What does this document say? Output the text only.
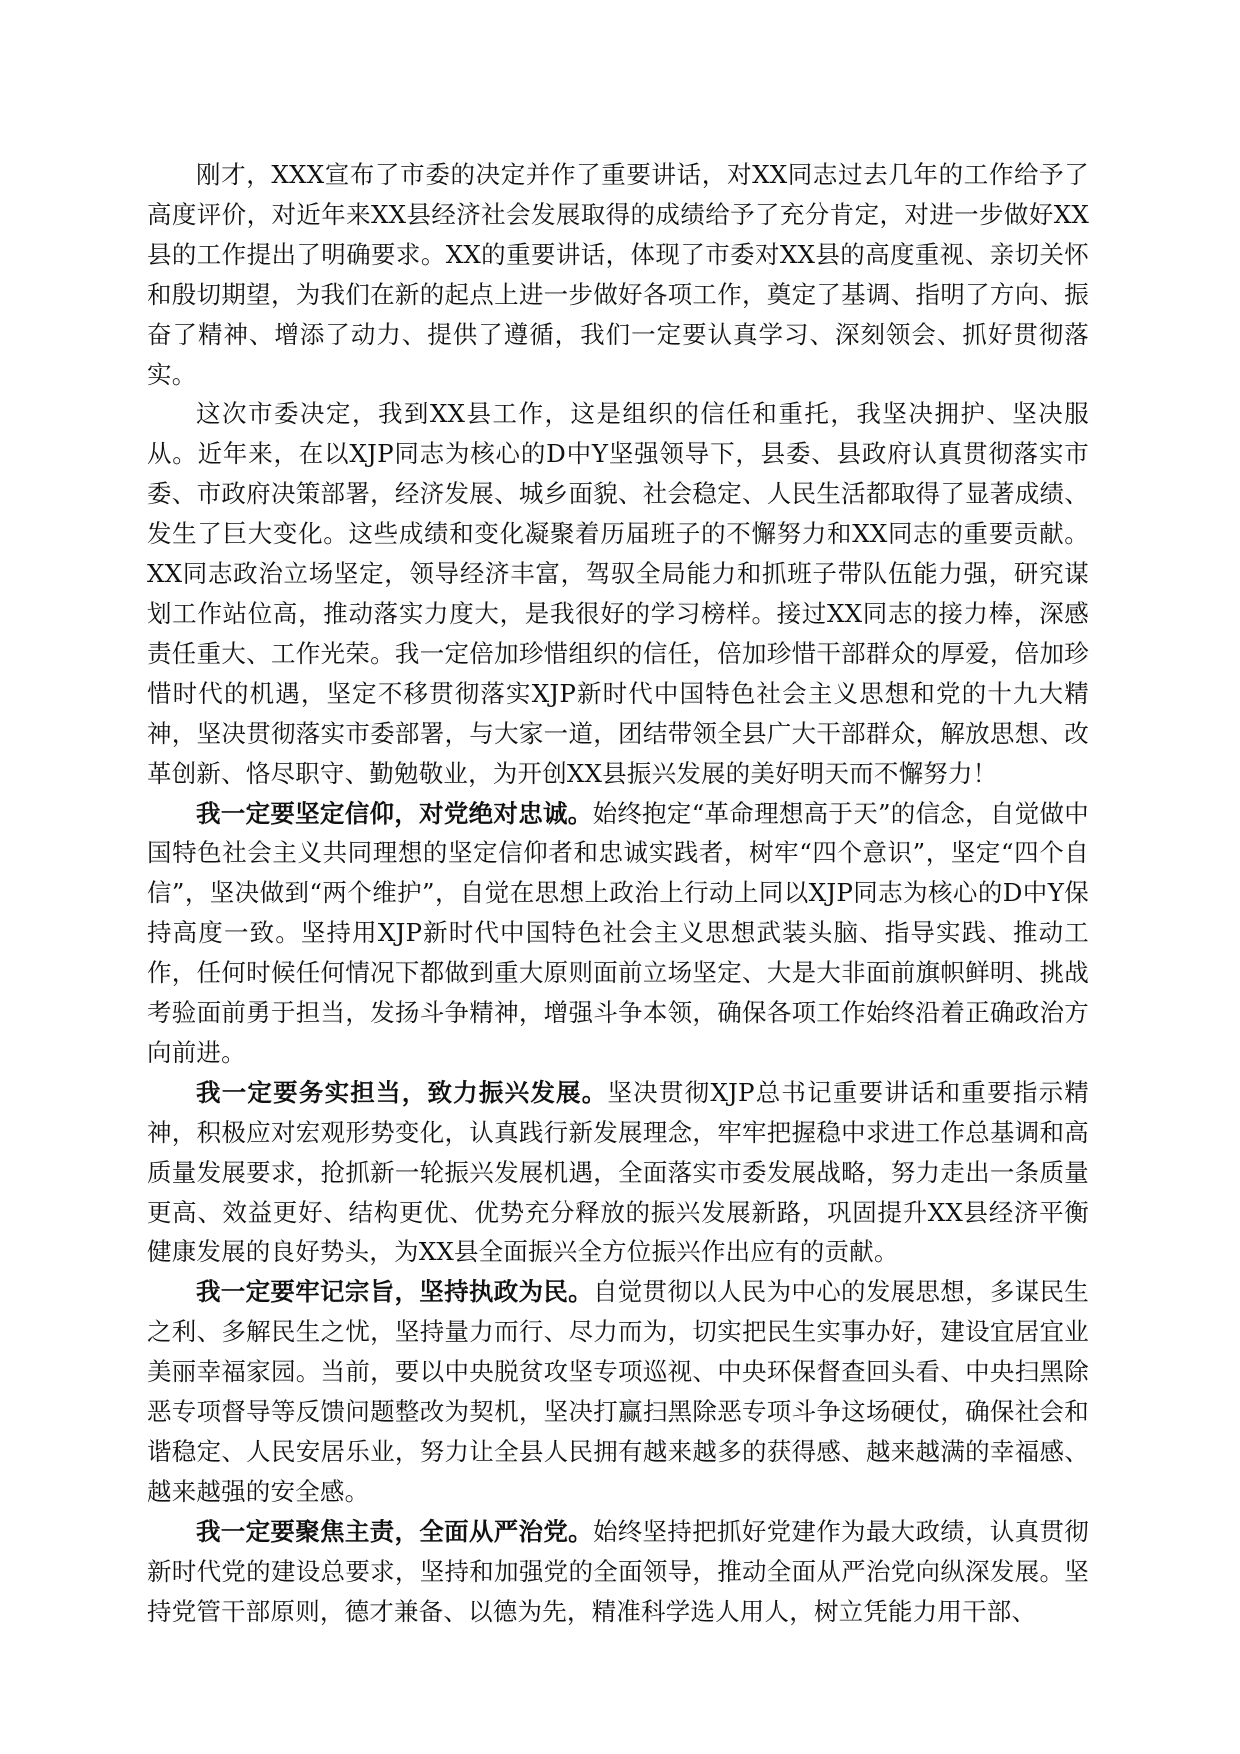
刚才，XXX宣布了市委的决定并作了重要讲话，对XX同志过去几年的工作给予了高度评价，对近年来XX县经济社会发展取得的成绩给予了充分肯定，对进一步做好XX县的工作提出了明确要求。XX的重要讲话，体现了市委对XX县的高度重视、亲切关怀和殷切期望，为我们在新的起点上进一步做好各项工作，奠定了基调、指明了方向、振奋了精神、增添了动力、提供了遵循，我们一定要认真学习、深刻领会、抓好贯彻落实。

这次市委决定，我到XX县工作，这是组织的信任和重托，我坚决拥护、坚决服从。近年来，在以XJP同志为核心的D中Y坚强领导下，县委、县政府认真贯彻落实市委、市政府决策部署，经济发展、城乡面貌、社会稳定、人民生活都取得了显著成绩、发生了巨大变化。这些成绩和变化凝聚着历届班子的不懈努力和XX同志的重要贡献。XX同志政治立场坚定，领导经济丰富，驾驭全局能力和抓班子带队伍能力强，研究谋划工作站位高，推动落实力度大，是我很好的学习榜样。接过XX同志的接力棒，深感责任重大、工作光荣。我一定倍加珍惜组织的信任，倍加珍惜干部群众的厚爱，倍加珍惜时代的机遇，坚定不移贯彻落实XJP新时代中国特色社会主义思想和党的十九大精神，坚决贯彻落实市委部署，与大家一道，团结带领全县广大干部群众，解放思想、改革创新、恪尽职守、勤勉敬业，为开创XX县振兴发展的美好明天而不懈努力！

我一定要坚定信仰，对党绝对忠诚。始终抱定“革命理想高于天”的信念，自觉做中国特色社会主义共同理想的坚定信仰者和忠诚实践者，树牢“四个意识”，坚定“四个自信”，坚决做到“两个维护”，自觉在思想上政治上行动上同以XJP同志为核心的D中Y保持高度一致。坚持用XJP新时代中国特色社会主义思想武装头脑、指导实践、推动工作，任何时候任何情况下都做到重大原则面前立场坚定、大是大非面前旗帜鲜明、挑战考验面前勇于担当，发扬斗争精神，增强斗争本领，确保各项工作始终沿着正确政治方向前进。

我一定要务实担当，致力振兴发展。坚决贯彻XJP总书记重要讲话和重要指示精神，积极应对宏观形势变化，认真践行新发展理念，牢牢把握稳中求进工作总基调和高质量发展要求，抢抓新一轮振兴发展机遇，全面落实市委发展战略，努力走出一条质量更高、效益更好、结构更优、优势充分释放的振兴发展新路，巩固提升XX县经济平衡健康发展的良好势头，为XX县全面振兴全方位振兴作出应有的贡献。

我一定要牢记宗旨，坚持执政为民。自觉贯彻以人民为中心的发展思想，多谋民生之利、多解民生之忧，坚持量力而行、尽力而为，切实把民生实事办好，建设宜居宜业美丽幸福家园。当前，要以中央脱贫攻坚专项巡视、中央环保督查回头看、中央扫黑除恶专项督导等反馈问题整改为契机，坚决打赢扫黑除恶专项斗争这场硬仗，确保社会和谐稳定、人民安居乐业，努力让全县人民拥有越来越多的获得感、越来越满的幸福感、越来越强的安全感。

我一定要聚焦主责，全面从严治党。始终坚持把抓好党建作为最大政绩，认真贯彻新时代党的建设总要求，坚持和加强党的全面领导，推动全面从严治党向纵深发展。坚持党管干部原则，德才兼备、以德为先，精准科学选人用人，树立凭能力用干部、
